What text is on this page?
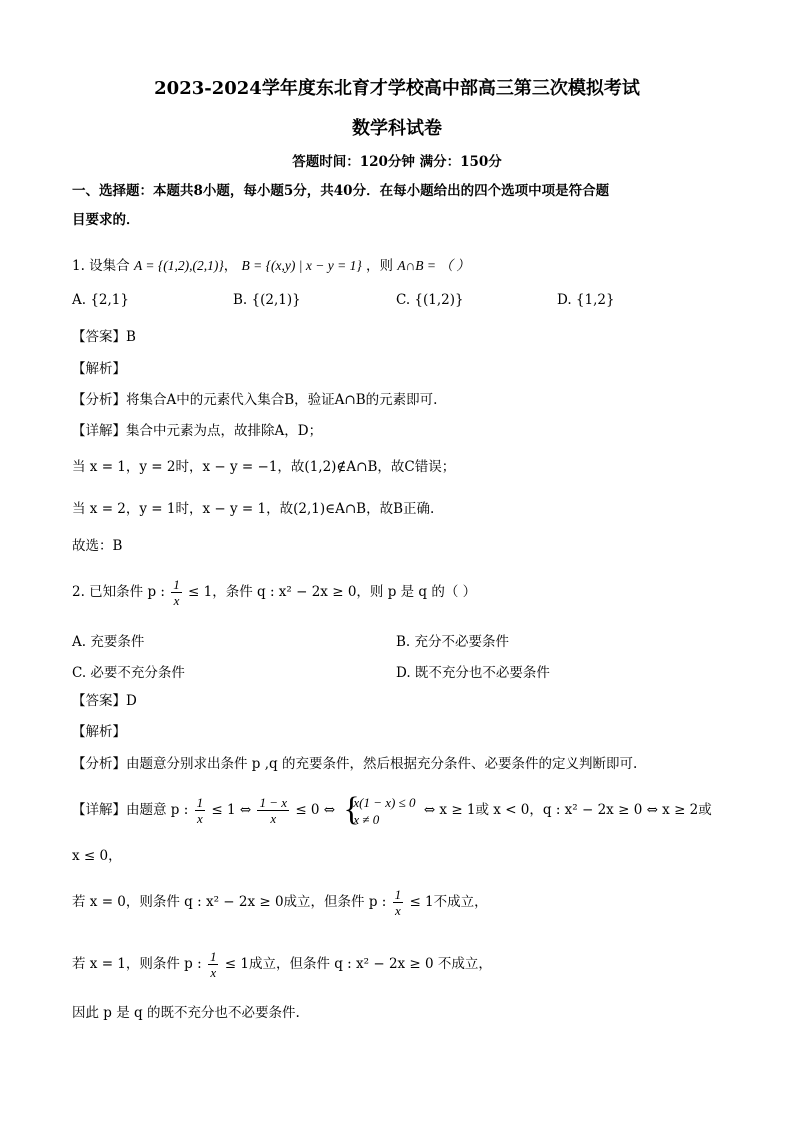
2023-2024学年度东北育才学校高中部高三第三次模拟考试
数学科试卷
答题时间：120分钟 满分：150分
一、选择题：本题共8小题，每小题5分，共40分．在每小题给出的四个选项中项是符合题
目要求的．
1. 设集合 A = {(1,2),(2,1)}， B = {(x,y) | x − y = 1} ，则 A∩B = （ ）
A. {2,1}	B. {(2,1)}	C. {(1,2)}	D. {1,2}
【答案】B
【解析】
【分析】将集合A中的元素代入集合B，验证A∩B的元素即可.
【详解】集合中元素为点，故排除A，D；
当 x = 1，y = 2时，x − y = −1，故(1,2)∉A∩B，故C错误；
当 x = 2，y = 1时，x − y = 1，故(2,1)∈A∩B，故B正确.
故选：B
2. 已知条件 p : $\frac{1}{x} \le 1$，条件 q : x² − 2x ≥ 0，则 p 是 q 的（ ）
A. 充要条件	B. 充分不必要条件
C. 必要不充分条件	D. 既不充分也不必要条件
【答案】D
【解析】
【分析】由题意分别求出条件 p ,q 的充要条件，然后根据充分条件、必要条件的定义判断即可.
【详解】由题意 p : $\frac{1}{x} \le 1$ ⇔ $\frac{1 - x}{x} \le 0$ ⇔ {
x(1 − x) ≤ 0
x ≠ 0
⇔ x ≥ 1或 x < 0，q : x² − 2x ≥ 0 ⇔ x ≥ 2或
x ≤ 0，
若 x = 0，则条件 q : x² − 2x ≥ 0成立，但条件 p : $\frac{1}{x} \le 1$不成立，
若 x = 1，则条件 p : $\frac{1}{x} \le 1$成立，但条件 q : x² − 2x ≥ 0 不成立，
因此 p 是 q 的既不充分也不必要条件.
